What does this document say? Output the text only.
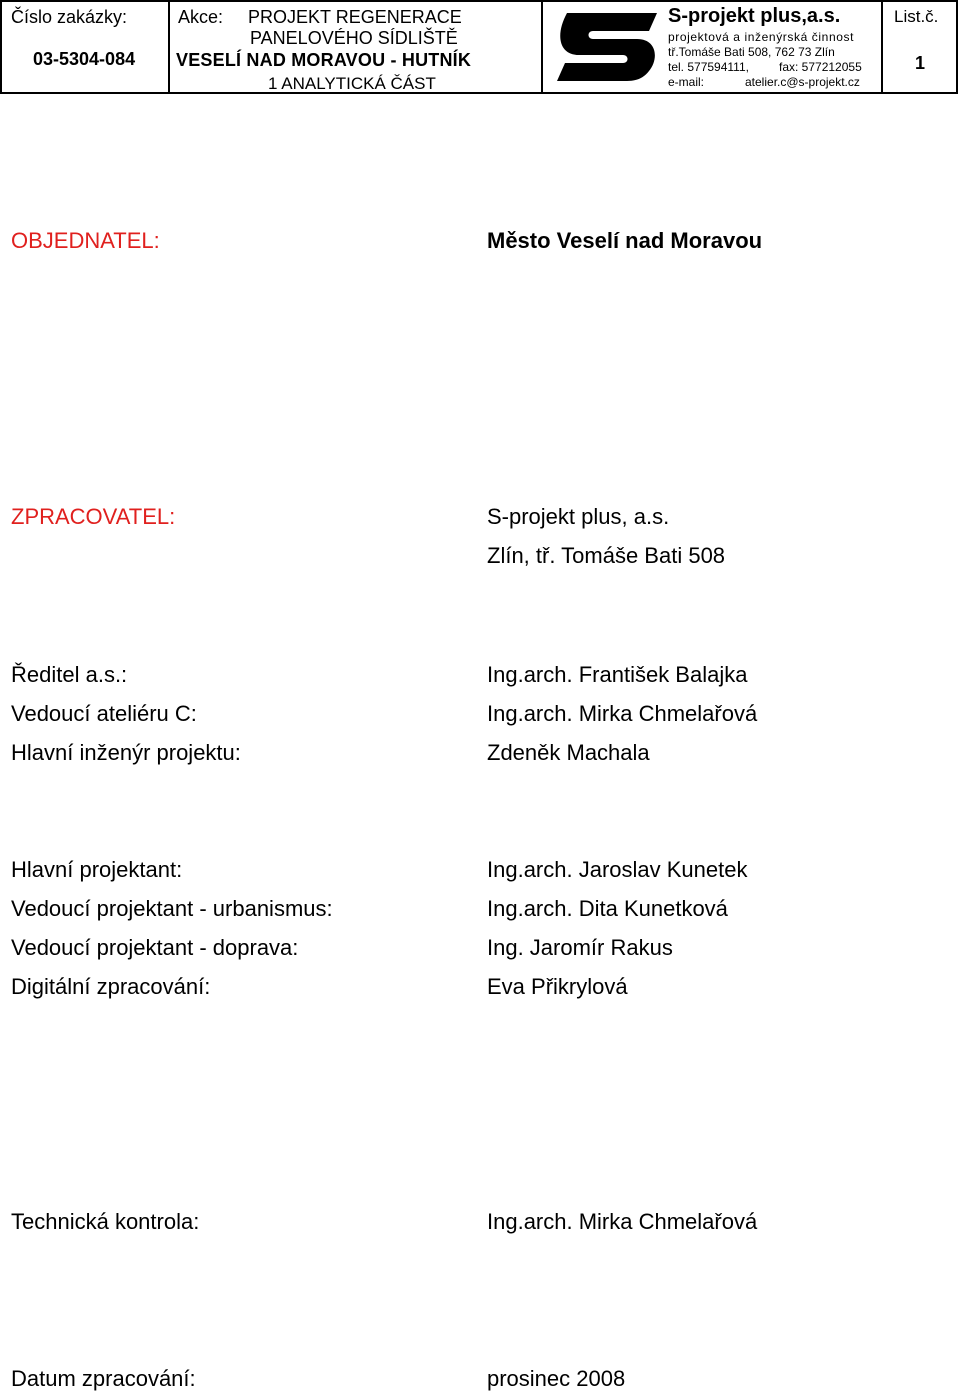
Číslo zakázky:
03-5304-084
Akce: PROJEKT REGENERACE
PANELOVÉHO SÍDLIŠTĚ
VESELÍ NAD MORAVOU - HUTNÍK
1 ANALYTICKÁ ČÁST
S-projekt plus,a.s.
projektová a inženýrská činnost
tř.Tomáše Bati 508, 762 73 Zlín
tel. 577594111,	fax: 577212055
e-mail:	atelier.c@s-projekt.cz
List.č.
1
OBJEDNATEL:	Město Veselí nad Moravou
ZPRACOVATEL:	S-projekt plus, a.s.
Zlín, tř. Tomáše Bati 508
Ředitel a.s.:	Ing.arch. František Balajka
Vedoucí ateliéru C:	Ing.arch. Mirka Chmelařová
Hlavní inženýr projektu:	Zdeněk Machala
Hlavní projektant:	Ing.arch. Jaroslav Kunetek
Vedoucí projektant - urbanismus:	Ing.arch. Dita Kunetková
Vedoucí projektant - doprava:	Ing. Jaromír Rakus
Digitální zpracování:	Eva Přikrylová
Technická kontrola:	Ing.arch. Mirka Chmelařová
Datum zpracování:	prosinec 2008
